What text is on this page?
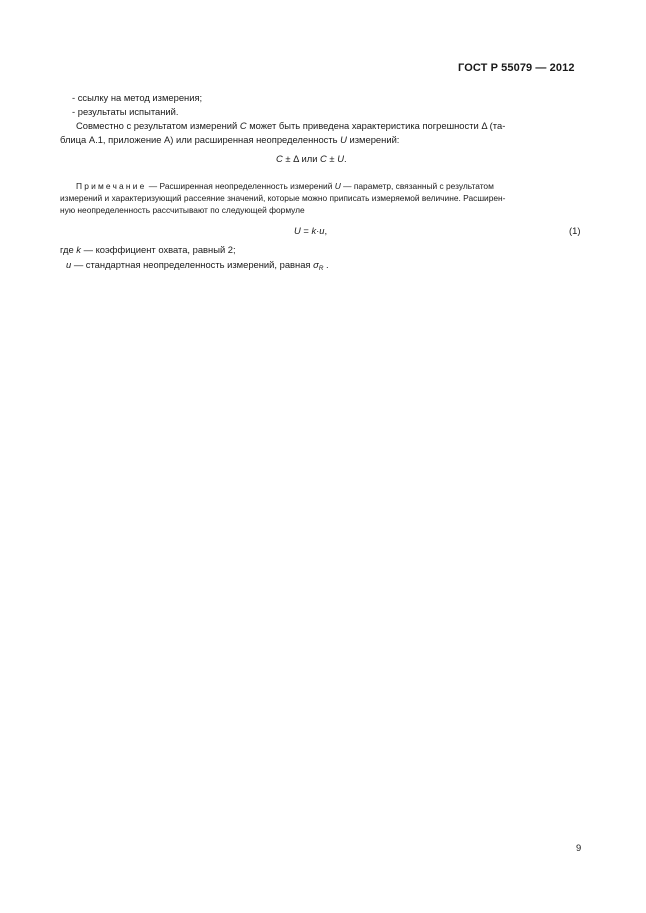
ГОСТ Р 55079 — 2012
- ссылку на метод измерения;
- результаты испытаний.
Совместно с результатом измерений C может быть приведена характеристика погрешности Δ (та-
блица А.1, приложение А) или расширенная неопределенность U измерений:
C ± Δ или C ± U.
Примечание — Расширенная неопределенность измерений U — параметр, связанный с результатом
измерений и характеризующий рассеяние значений, которые можно приписать измеряемой величине. Расширен-
ную неопределенность рассчитывают по следующей формуле
U = k·u,	(1)
где k — коэффициент охвата, равный 2;
u — стандартная неопределенность измерений, равная $\sigma_R$ .
9
